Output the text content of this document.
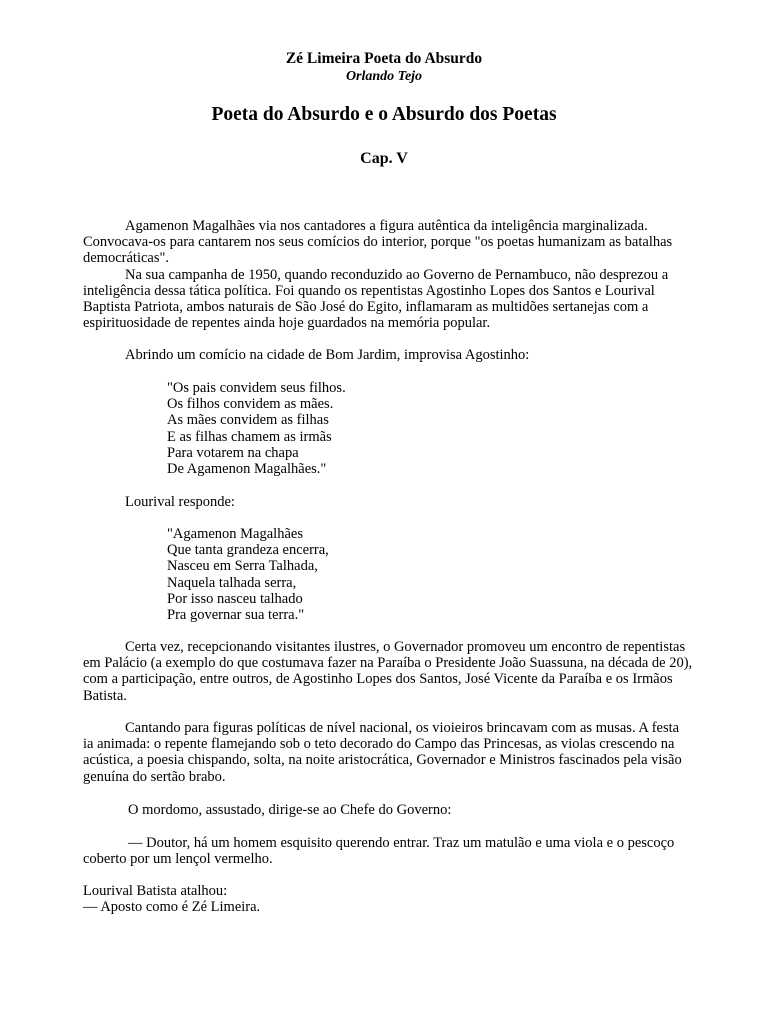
Zé Limeira Poeta do Absurdo

Orlando Tejo

Poeta do Absurdo e o Absurdo dos Poetas

Cap. V

Agamenon Magalhães via nos cantadores a figura autêntica da inteligência marginalizada.
Convocava-os para cantarem nos seus comícios do interior, porque "os poetas humanizam as batalhas
democráticas".
Na sua campanha de 1950, quando reconduzido ao Governo de Pernambuco, não desprezou a
inteligência dessa tática política. Foi quando os repentistas Agostinho Lopes dos Santos e Lourival
Baptista Patriota, ambos naturais de São José do Egito, inflamaram as multidões sertanejas com a
espirituosidade de repentes ainda hoje guardados na memória popular.
Abrindo um comício na cidade de Bom Jardim, improvisa Agostinho:
"Os pais convidem seus filhos.
Os filhos convidem as mães.
As mães convidem as filhas
E as filhas chamem as irmãs
Para votarem na chapa
De Agamenon Magalhães."
Lourival responde:
"Agamenon Magalhães
Que tanta grandeza encerra,
Nasceu em Serra Talhada,
Naquela talhada serra,
Por isso nasceu talhado
Pra governar sua terra."
Certa vez, recepcionando visitantes ilustres, o Governador promoveu um encontro de repentistas
em Palácio (a exemplo do que costumava fazer na Paraíba o Presidente João Suassuna, na década de 20),
com a participação, entre outros, de Agostinho Lopes dos Santos, José Vicente da Paraíba e os Irmãos
Batista.
Cantando para figuras políticas de nível nacional, os vioieiros brincavam com as musas. A festa
ia animada: o repente flamejando sob o teto decorado do Campo das Princesas, as violas crescendo na
acústica, a poesia chispando, solta, na noite aristocrática, Governador e Ministros fascinados pela visão
genuína do sertão brabo.
O mordomo, assustado, dirige-se ao Chefe do Governo:
— Doutor, há um homem esquisito querendo entrar. Traz um matulão e uma viola e o pescoço
coberto por um lençol vermelho.
Lourival Batista atalhou:
— Aposto como é Zé Limeira.
